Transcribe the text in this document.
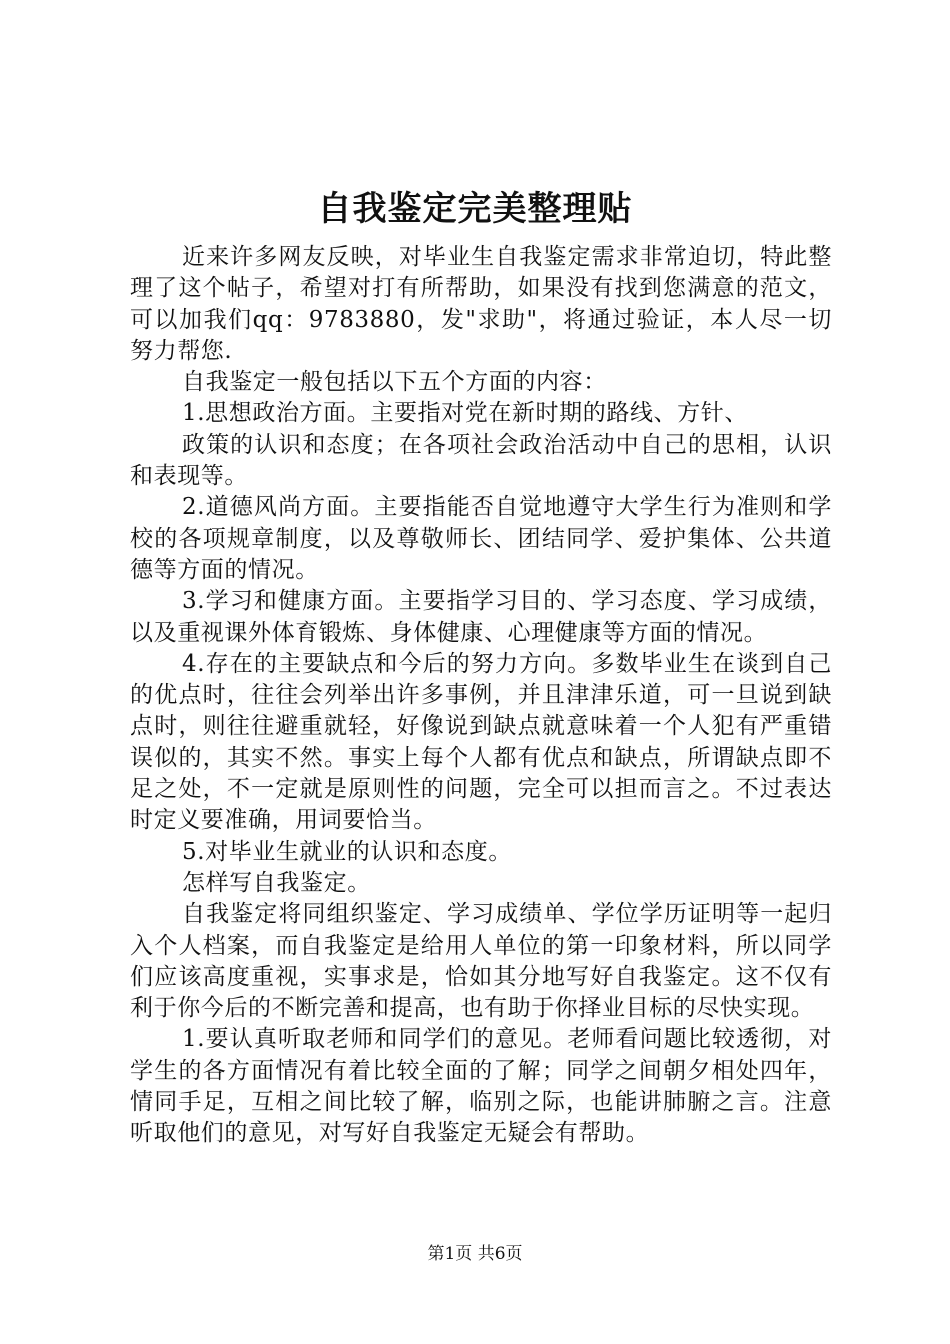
自我鉴定完美整理贴

近来许多网友反映，对毕业生自我鉴定需求非常迫切，特此整理了这个帖子，希望对打有所帮助，如果没有找到您满意的范文，可以加我们qq：9783880，发"求助"，将通过验证，本人尽一切努力帮您.

自我鉴定一般包括以下五个方面的内容：

1.思想政治方面。主要指对党在新时期的路线、方针、

政策的认识和态度；在各项社会政治活动中自己的思相，认识和表现等。

2.道德风尚方面。主要指能否自觉地遵守大学生行为准则和学校的各项规章制度，以及尊敬师长、团结同学、爱护集体、公共道德等方面的情况。

3.学习和健康方面。主要指学习目的、学习态度、学习成绩，以及重视课外体育锻炼、身体健康、心理健康等方面的情况。

4.存在的主要缺点和今后的努力方向。多数毕业生在谈到自己的优点时，往往会列举出许多事例，并且津津乐道，可一旦说到缺点时，则往往避重就轻，好像说到缺点就意味着一个人犯有严重错误似的，其实不然。事实上每个人都有优点和缺点，所谓缺点即不足之处，不一定就是原则性的问题，完全可以担而言之。不过表达时定义要准确，用词要恰当。

5.对毕业生就业的认识和态度。

怎样写自我鉴定。

自我鉴定将同组织鉴定、学习成绩单、学位学历证明等一起归入个人档案，而自我鉴定是给用人单位的第一印象材料，所以同学们应该高度重视，实事求是，恰如其分地写好自我鉴定。这不仅有利于你今后的不断完善和提高，也有助于你择业目标的尽快实现。

1.要认真听取老师和同学们的意见。老师看问题比较透彻，对学生的各方面情况有着比较全面的了解；同学之间朝夕相处四年，情同手足，互相之间比较了解，临别之际，也能讲肺腑之言。注意听取他们的意见，对写好自我鉴定无疑会有帮助。

第1页 共6页
